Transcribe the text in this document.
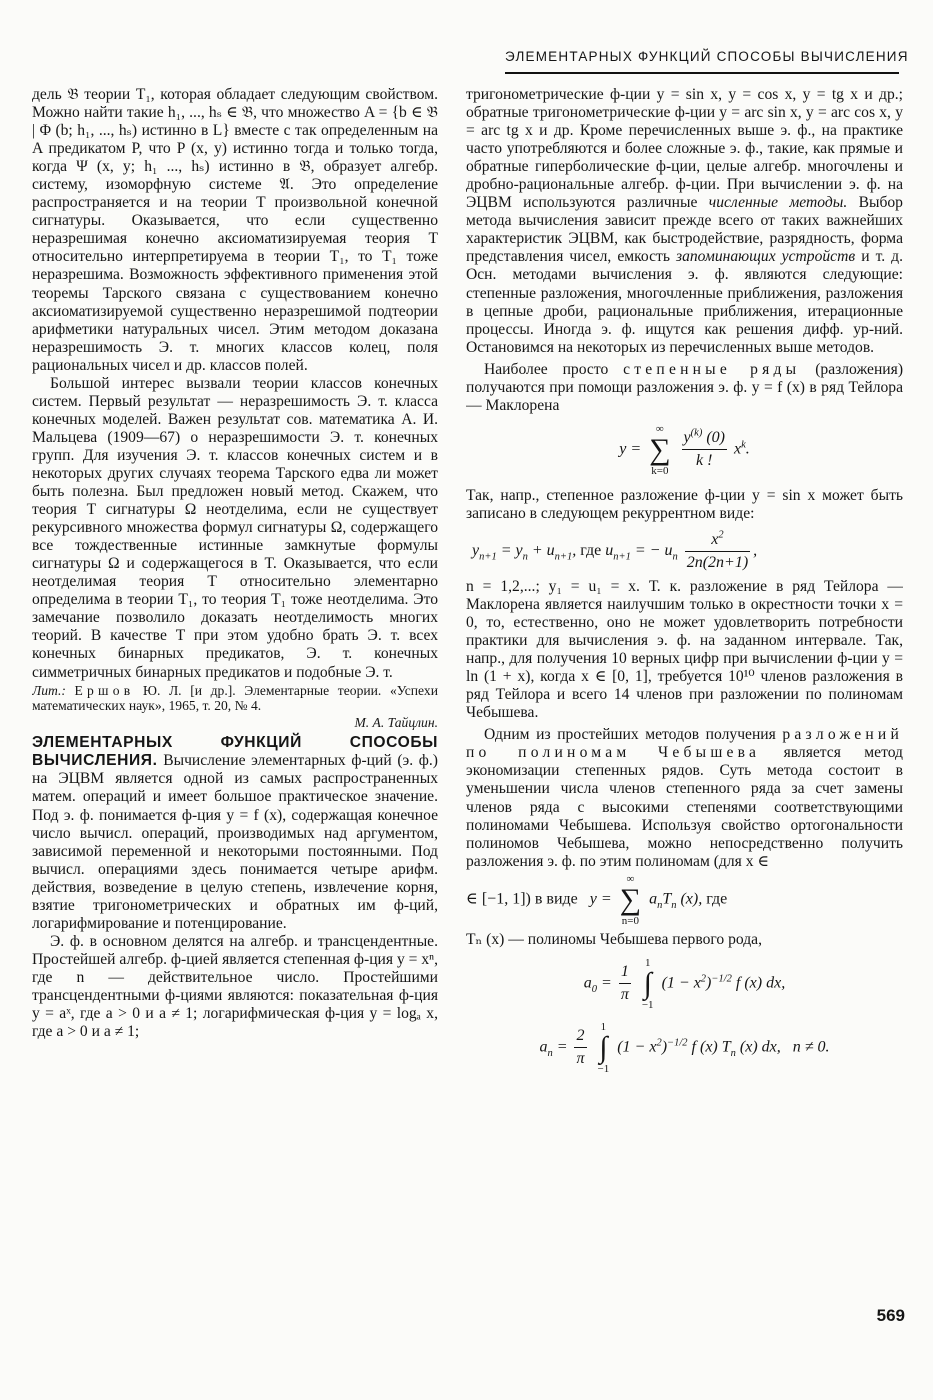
ЭЛЕМЕНТАРНЫХ ФУНКЦИЙ СПОСОБЫ ВЫЧИСЛЕНИЯ

дель 𝔅 теории T₁, которая обладает следующим свойством. Можно найти такие h₁, ..., hₛ ∈ 𝔅, что множество A = {b ∈ 𝔅 | Φ (b; h₁, ..., hₛ) истинно в L} вместе с так определенным на A предикатом P, что P (x, y) истинно тогда и только тогда, когда Ψ (x, y; h₁ ..., hₛ) истинно в 𝔅, образует алгебр. систему, изоморфную системе 𝔄. Это определение распространяется и на теории T произвольной конечной сигнатуры. Оказывается, что если существенно неразрешимая конечно аксиоматизируемая теория T относительно интерпретируема в теории T₁, то T₁ тоже неразрешима. Возможность эффективного применения этой теоремы Тарского связана с существованием конечно аксиоматизируемой существенно неразрешимой подтеории арифметики натуральных чисел. Этим методом доказана неразрешимость Э. т. многих классов колец, поля рациональных чисел и др. классов полей.

Большой интерес вызвали теории классов конечных систем. Первый результат — неразрешимость Э. т. класса конечных моделей. Важен результат сов. математика А. И. Мальцева (1909—67) о неразрешимости Э. т. конечных групп. Для изучения Э. т. классов конечных систем и в некоторых других случаях теорема Тарского едва ли может быть полезна. Был предложен новый метод. Скажем, что теория T сигнатуры Ω неотделима, если не существует рекурсивного множества формул сигнатуры Ω, содержащего все тождественные истинные замкнутые формулы сигнатуры Ω и содержащегося в T. Оказывается, что если неотделимая теория T относительно элементарно определима в теории T₁, то теория T₁ тоже неотделима. Это замечание позволило доказать неотделимость многих теорий. В качестве T при этом удобно брать Э. т. всех конечных бинарных предикатов, Э. т. конечных симметричных бинарных предикатов и подобные Э. т.

Лит.: Ершов Ю. Л. [и др.]. Элементарные теории. «Успехи математических наук», 1965, т. 20, № 4.

М. А. Тайцлин.

ЭЛЕМЕНТАРНЫХ ФУНКЦИЙ СПОСОБЫ ВЫЧИСЛЕНИЯ. Вычисление элементарных ф-ций (э. ф.) на ЭЦВМ является одной из самых распространенных матем. операций и имеет большое практическое значение. Под э. ф. понимается ф-ция y = f (x), содержащая конечное число вычисл. операций, производимых над аргументом, зависимой переменной и некоторыми постоянными. Под вычисл. операциями здесь понимается четыре арифм. действия, возведение в целую степень, извлечение корня, взятие тригонометрических и обратных им ф-ций, логарифмирование и потенцирование.

Э. ф. в основном делятся на алгебр. и трансцендентные. Простейшей алгебр. ф-цией является степенная ф-ция y = xⁿ, где n — действительное число. Простейшими трансцендентными ф-циями являются: показательная ф-ция y = aˣ, где a > 0 и a ≠ 1; логарифмическая ф-ция y = logₐ x, где a > 0 и a ≠ 1;

тригонометрические ф-ции y = sin x, y = cos x, y = tg x и др.; обратные тригонометрические ф-ции y = arc sin x, y = arc cos x, y = arc tg x и др. Кроме перечисленных выше э. ф., на практике часто употребляются и более сложные э. ф., такие, как прямые и обратные гиперболические ф-ции, целые алгебр. многочлены и дробно-рациональные алгебр. ф-ции. При вычислении э. ф. на ЭЦВМ используются различные численные методы. Выбор метода вычисления зависит прежде всего от таких важнейших характеристик ЭЦВМ, как быстродействие, разрядность, форма представления чисел, емкость запоминающих устройств и т. д. Осн. методами вычисления э. ф. являются следующие: степенные разложения, многочленные приближения, разложения в цепные дроби, рациональные приближения, итерационные процессы. Иногда э. ф. ищутся как решения дифф. ур-ний. Остановимся на некоторых из перечисленных выше методов.

Наиболее просто степенные ряды (разложения) получаются при помощи разложения э. ф. y = f (x) в ряд Тейлора — Маклорена

y =
∞
∑
k=0
$\frac{y^{(k)} (0)}{k !} x^k$.

Так, напр., степенное разложение ф-ции y = sin x может быть записано в следующем рекуррентном виде:

$y_{n+1} = y_n + u_{n+1}$, где $u_{n+1}$ = − $u_n \frac{x^2}{2n(2n+1)}$ ,

n = 1,2,...; y₁ = u₁ = x. Т. к. разложение в ряд Тейлора — Маклорена является наилучшим только в окрестности точки x = 0, то, естественно, оно не может удовлетворить потребности практики для вычисления э. ф. на заданном интервале. Так, напр., для получения 10 верных цифр при вычислении ф-ции y = ln (1 + x), когда x ∈ [0, 1], требуется 10¹⁰ членов разложения в ряд Тейлора и всего 14 членов при разложении по полиномам Чебышева.

Одним из простейших методов получения разложений по полиномам Чебышева является метод экономизации степенных рядов. Суть метода состоит в уменьшении числа членов степенного ряда за счет замены членов ряда с высокими степенями соответствующими полиномами Чебышева. Используя свойство ортогональности полиномов Чебышева, можно непосредственно получить разложения э. ф. по этим полиномам (для x ∈

∈ [−1, 1]) в виде   y =
∞
∑
n=0
$a_nT_n$ (x), где

Tₙ (x) — полиномы Чебышева первого рода,

$a_0 = \frac{1}{\pi}$
1
∫
−1
$(1 - x^2)^{-1/2}$ f (x) dx,
$a_n = \frac{2}{\pi}$
1
∫
−1
$(1 - x^2)^{-1/2}$ f (x) $T_n$ (x) dx,   n ≠ 0.
569
